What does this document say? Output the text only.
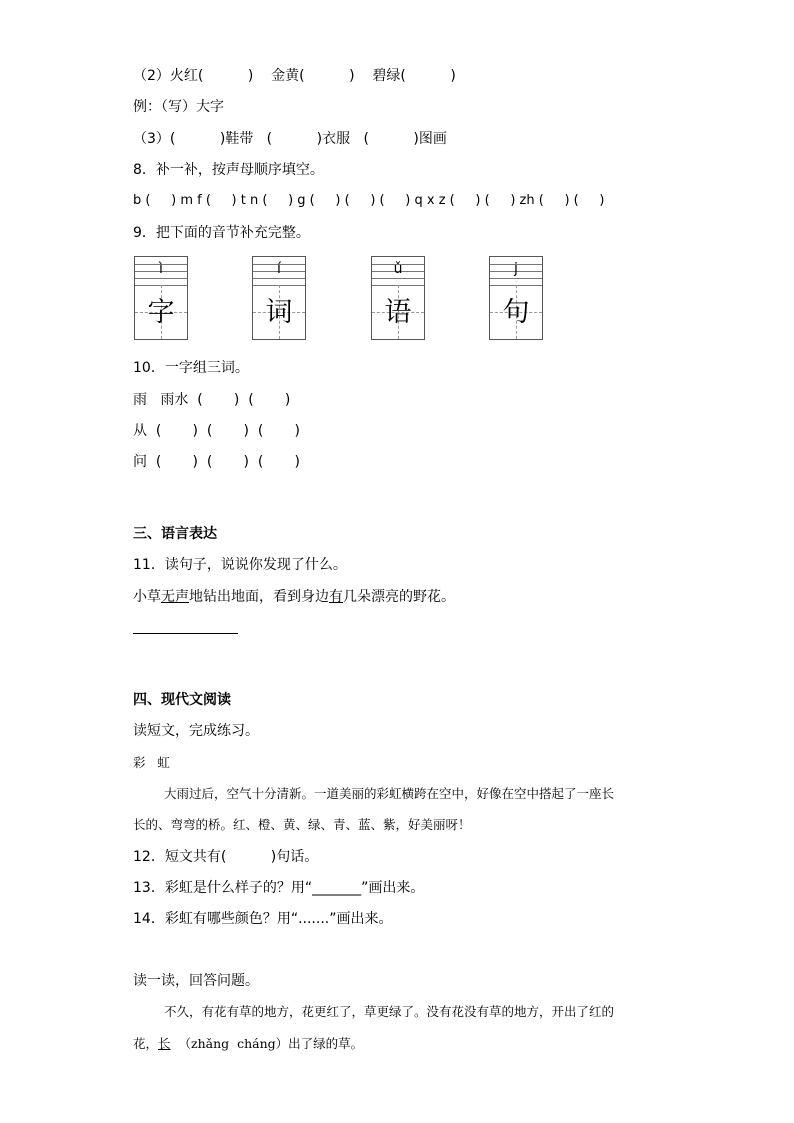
（2）火红(          )    金黄(          )    碧绿(          )
例：（写）大字
（3）(          )鞋带   (          )衣服   (          )图画
8．补一补，按声母顺序填空。
b (     ) m f (     ) t n (     ) g (     ) (     ) (     ) q x z (     ) (     ) zh (     ) (     )
9．把下面的音节补充完整。
ì
字
í
词
ǔ
语
j
句
10．一字组三词。
雨   雨水  (       )  (       )
从  (       )  (       )  (       )
问  (       )  (       )  (       )
三、语言表达
11．读句子，说说你发现了什么。
小草无声地钻出地面，看到身边有几朵漂亮的野花。
四、现代文阅读
读短文，完成练习。
彩   虹
大雨过后，空气十分清新。一道美丽的彩虹横跨在空中，好像在空中搭起了一座长
长的、弯弯的桥。红、橙、黄、绿、青、蓝、紫，好美丽呀！
12．短文共有(          )句话。
13．彩虹是什么样子的？用“_______”画出来。
14．彩虹有哪些颜色？用“.......”画出来。
读一读，回答问题。
不久，有花有草的地方，花更红了，草更绿了。没有花没有草的地方，开出了红的
花，长  （zhǎng  cháng）出了绿的草。
